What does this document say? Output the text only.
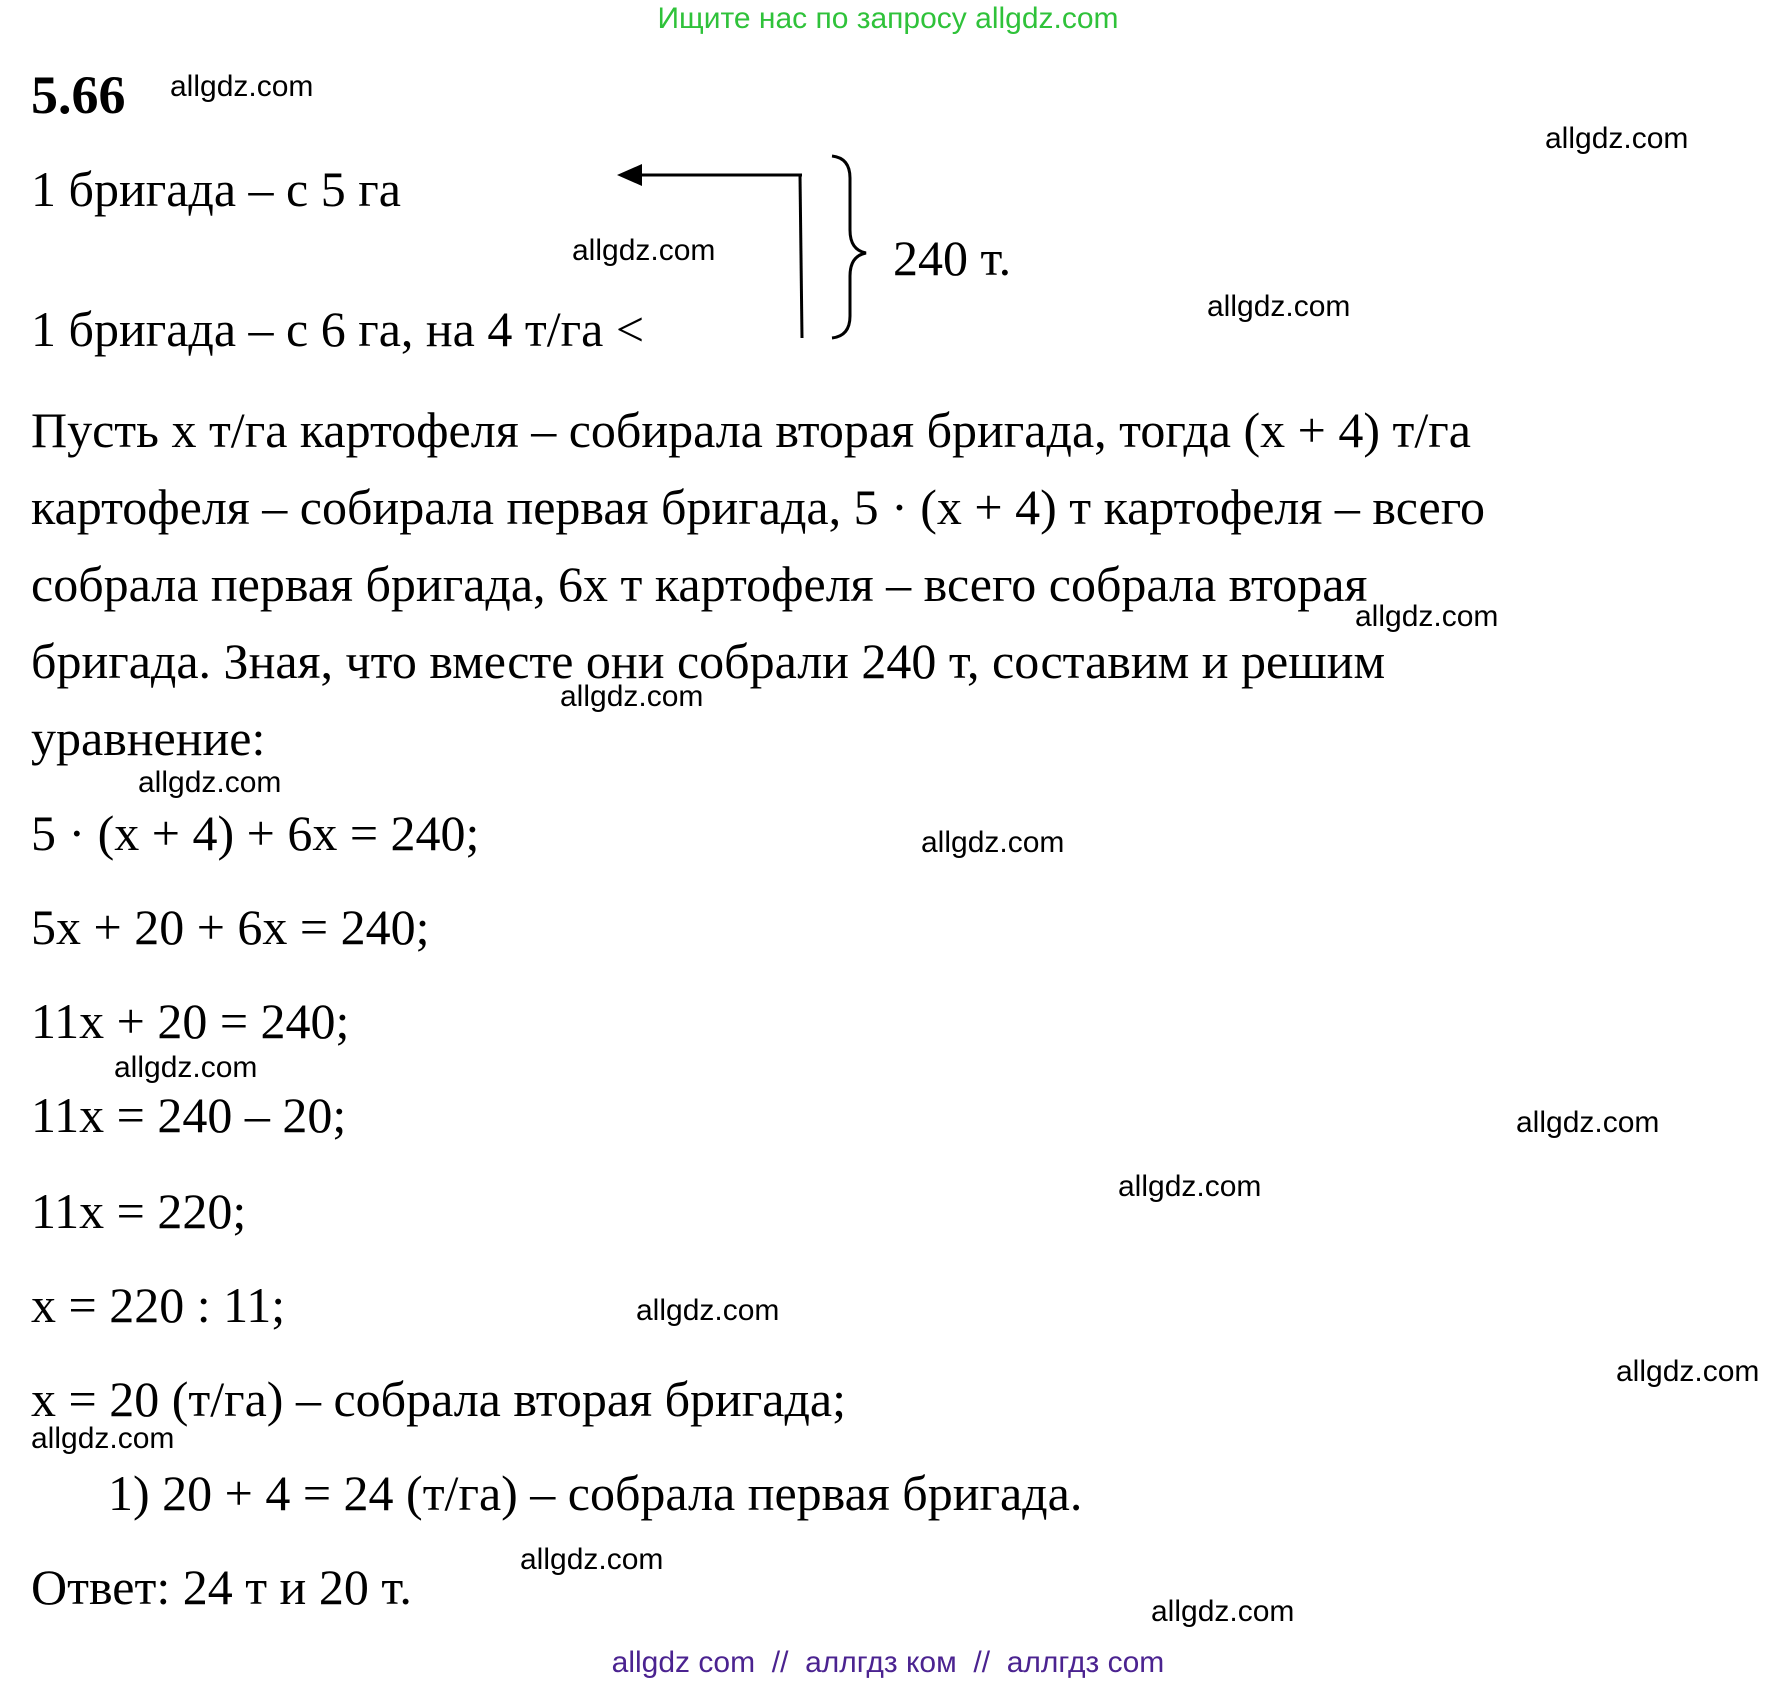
Ищите нас по запросу allgdz.com
5.66
1 бригада – с 5 га
1 бригада – с 6 га, на 4 т/га <
240 т.
Пусть x т/га картофеля – собирала вторая бригада, тогда (x + 4) т/га
картофеля – собирала первая бригада, 5 · (x + 4) т картофеля – всего
собрала первая бригада, 6x т картофеля – всего собрала вторая
бригада. Зная, что вместе они собрали 240 т, составим и решим
уравнение:
5 · (x + 4) + 6x = 240;
5x + 20 + 6x = 240;
11x + 20 = 240;
11x = 240 – 20;
11x = 220;
x = 220 : 11;
x = 20 (т/га) – собрала вторая бригада;
1) 20 + 4 = 24 (т/га) – собрала первая бригада.
Ответ: 24 т и 20 т.
allgdz.com
allgdz.com
allgdz.com
allgdz.com
allgdz.com
allgdz.com
allgdz.com
allgdz.com
allgdz.com
allgdz.com
allgdz.com
allgdz.com
allgdz.com
allgdz.com
allgdz.com
allgdz.com
allgdz com  //  аллгдз ком  //  аллгдз com
